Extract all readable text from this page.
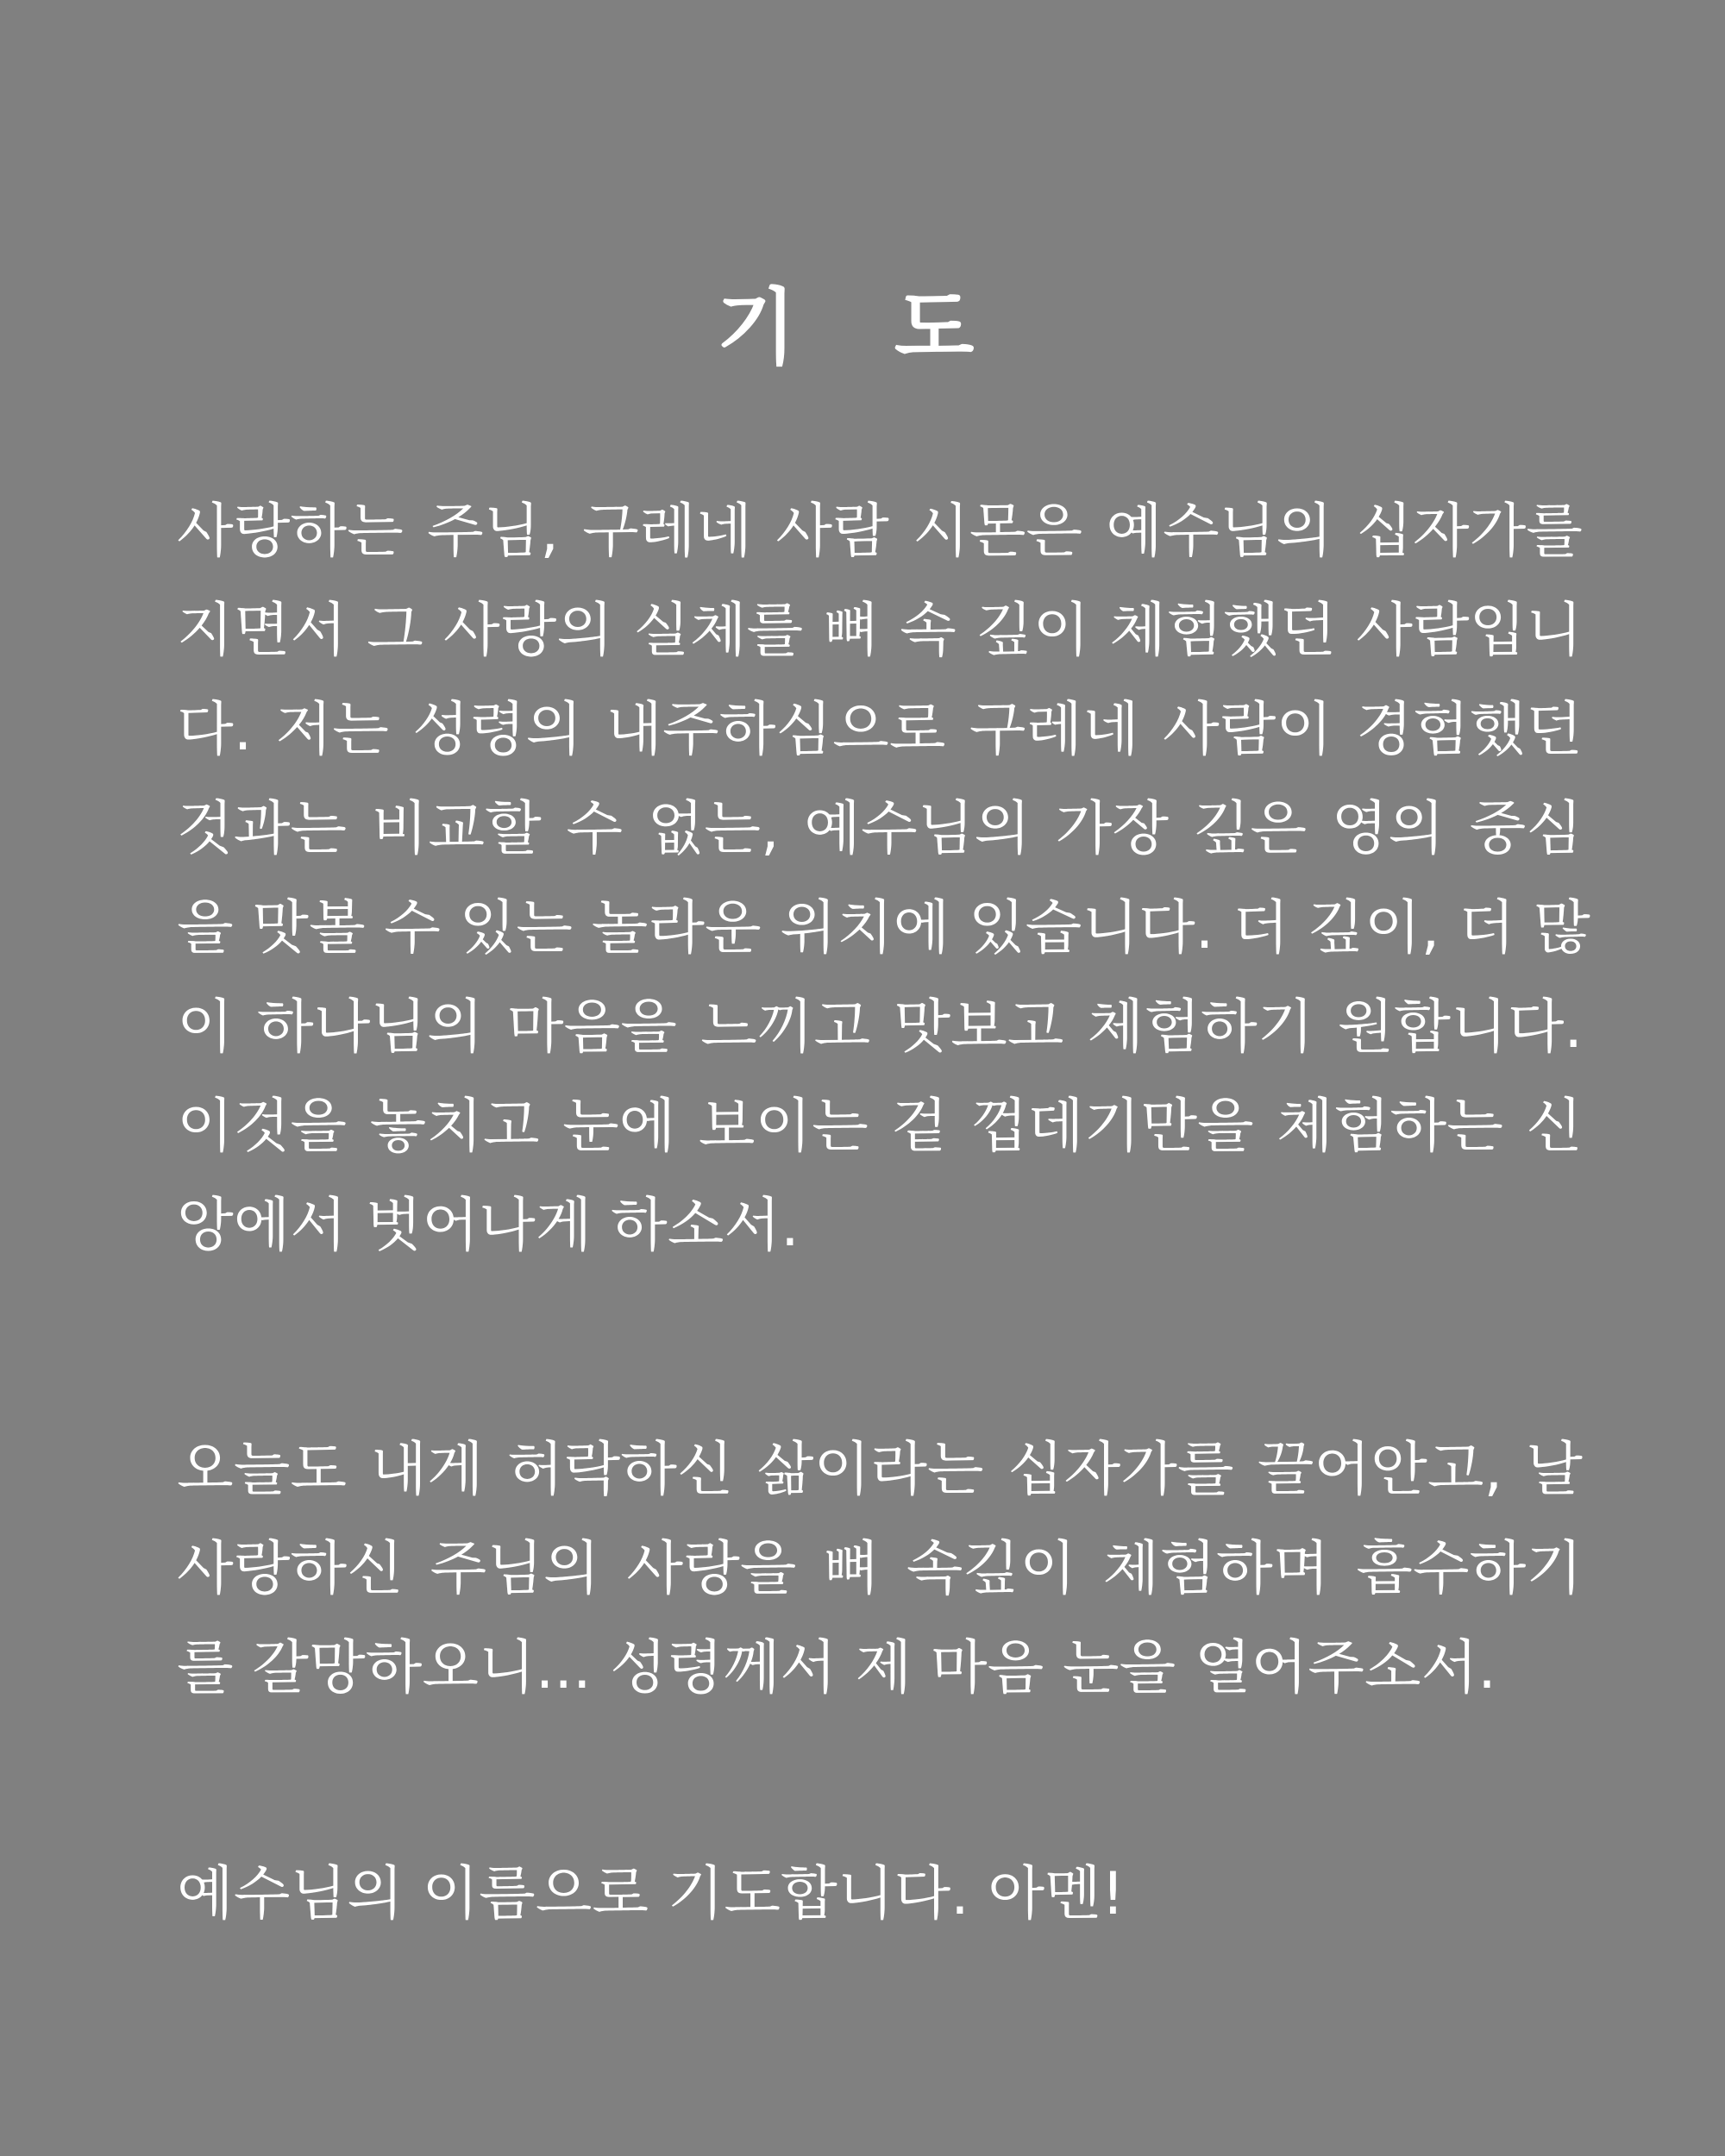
기 도
사랑하는 주님, 구레네 사람 시몬은 예수님의 십자가를
지면서 그 사랑의 실체를 뼈 속 깊이 체험했던 사람입니
다. 저는 성령의 내주하심으로 구레네 사람이 경험했던
것과는 비교할 수 없는, 예수님의 가장 깊은 영의 중심
을 맛볼 수 있는 놀라운 위치에 있습니다. 더 깊이, 더 많
이 하나님의 마음을 느끼고 맛보고 체험하기 원합니다.
이것을 놓치고 눈에 보이는 겉 껍데기만을 체험하는 신
앙에서 벗어나게 하소서.
오늘도 내게 허락하신 삶이라는 십자가를 끌어안고, 날
사랑하신 주님의 사랑을 뼈 속깊이 체험하며 흡수하기
를 갈망하오니... 성령께서 제 마음 눈을 열어주소서.
예수님의 이름으로 기도합니다. 아멘!
